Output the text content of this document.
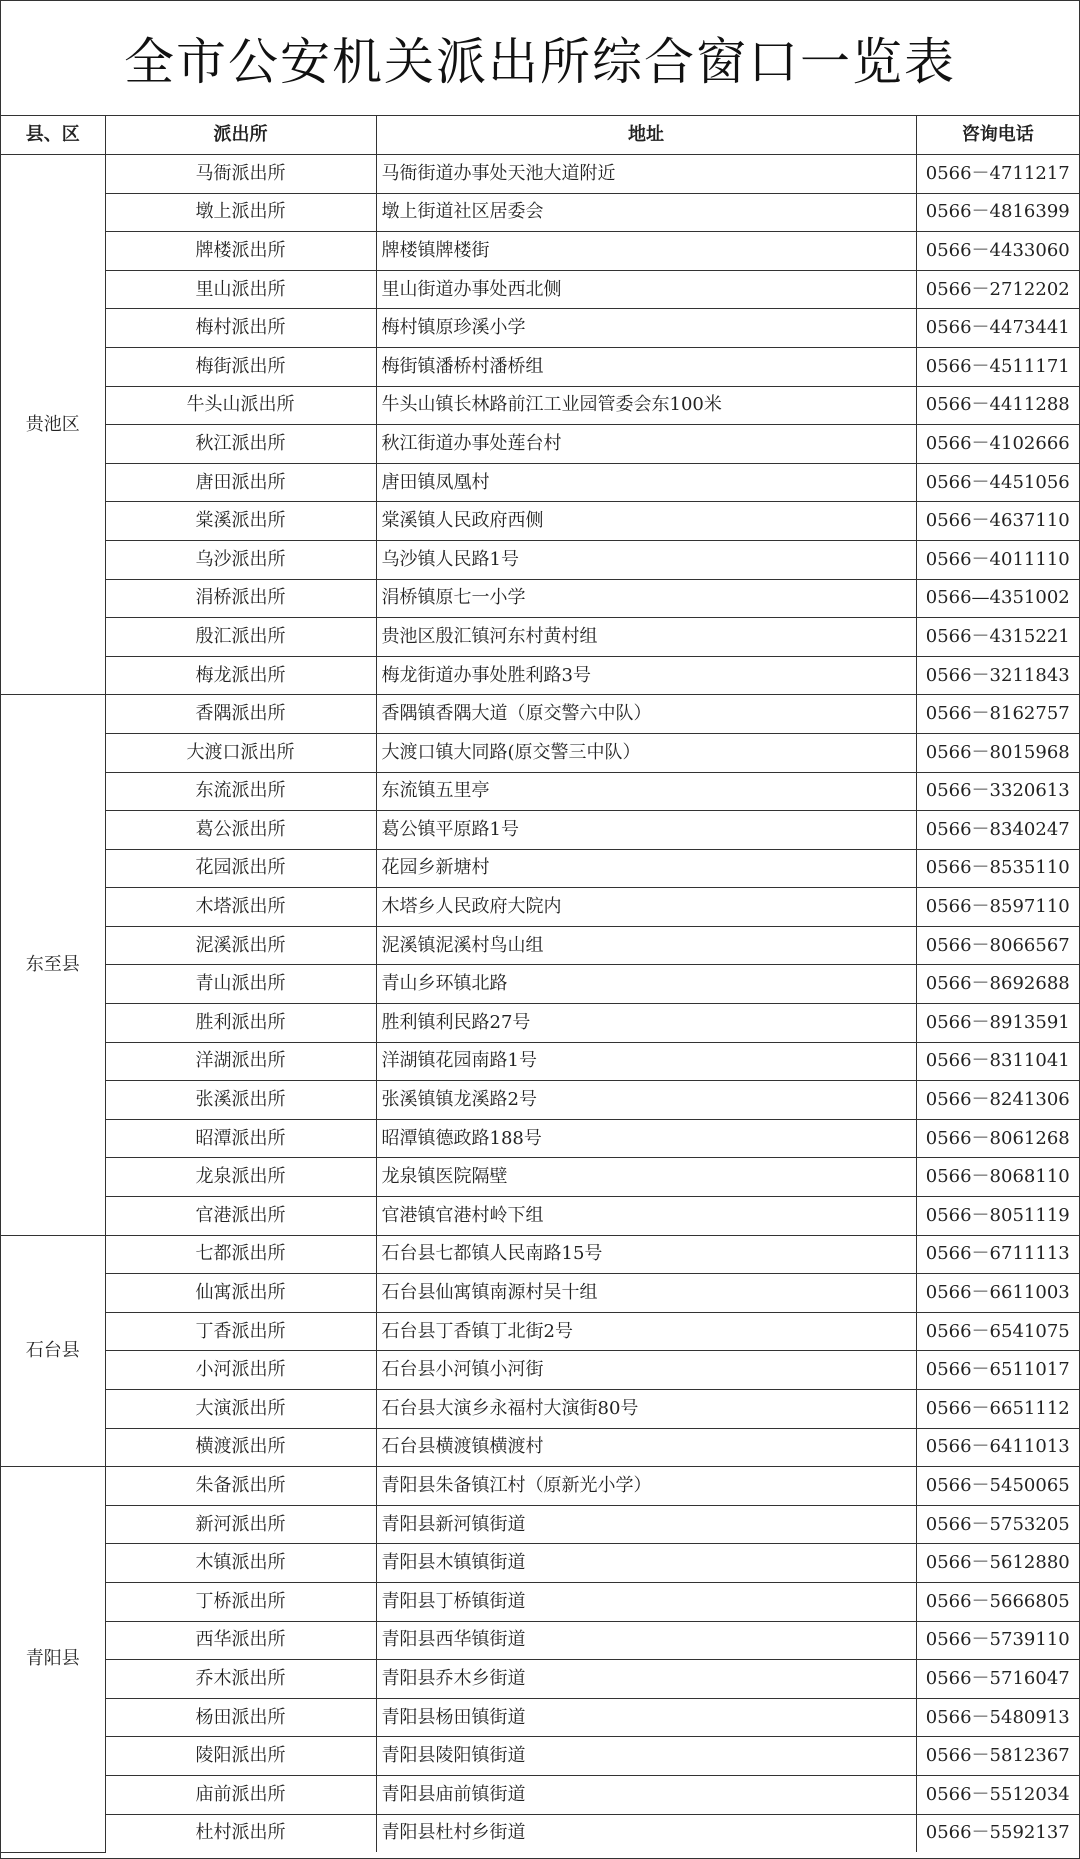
全市公安机关派出所综合窗口一览表
县、区	派出所	地址	咨询电话
贵池区	马衙派出所	马衙街道办事处天池大道附近	0566－4711217
	墩上派出所	墩上街道社区居委会	0566－4816399
	牌楼派出所	牌楼镇牌楼街	0566－4433060
	里山派出所	里山街道办事处西北侧	0566－2712202
	梅村派出所	梅村镇原珍溪小学	0566－4473441
	梅街派出所	梅街镇潘桥村潘桥组	0566－4511171
	牛头山派出所	牛头山镇长林路前江工业园管委会东100米	0566－4411288
	秋江派出所	秋江街道办事处莲台村	0566－4102666
	唐田派出所	唐田镇凤凰村	0566－4451056
	棠溪派出所	棠溪镇人民政府西侧	0566－4637110
	乌沙派出所	乌沙镇人民路1号	0566－4011110
	涓桥派出所	涓桥镇原七一小学	0566—4351002
	殷汇派出所	贵池区殷汇镇河东村黄村组	0566－4315221
	梅龙派出所	梅龙街道办事处胜利路3号	0566－3211843
东至县	香隅派出所	香隅镇香隅大道（原交警六中队）	0566－8162757
	大渡口派出所	大渡口镇大同路(原交警三中队）	0566－8015968
	东流派出所	东流镇五里亭	0566－3320613
	葛公派出所	葛公镇平原路1号	0566－8340247
	花园派出所	花园乡新塘村	0566－8535110
	木塔派出所	木塔乡人民政府大院内	0566－8597110
	泥溪派出所	泥溪镇泥溪村鸟山组	0566－8066567
	青山派出所	青山乡环镇北路	0566－8692688
	胜利派出所	胜利镇利民路27号	0566－8913591
	洋湖派出所	洋湖镇花园南路1号	0566－8311041
	张溪派出所	张溪镇镇龙溪路2号	0566－8241306
	昭潭派出所	昭潭镇德政路188号	0566－8061268
	龙泉派出所	龙泉镇医院隔壁	0566－8068110
	官港派出所	官港镇官港村岭下组	0566－8051119
石台县	七都派出所	石台县七都镇人民南路15号	0566－6711113
	仙寓派出所	石台县仙寓镇南源村吴十组	0566－6611003
	丁香派出所	石台县丁香镇丁北街2号	0566－6541075
	小河派出所	石台县小河镇小河街	0566－6511017
	大演派出所	石台县大演乡永福村大演街80号	0566－6651112
	横渡派出所	石台县横渡镇横渡村	0566－6411013
青阳县	朱备派出所	青阳县朱备镇江村（原新光小学）	0566－5450065
	新河派出所	青阳县新河镇街道	0566－5753205
	木镇派出所	青阳县木镇镇街道	0566－5612880
	丁桥派出所	青阳县丁桥镇街道	0566－5666805
	西华派出所	青阳县西华镇街道	0566－5739110
	乔木派出所	青阳县乔木乡街道	0566－5716047
	杨田派出所	青阳县杨田镇街道	0566－5480913
	陵阳派出所	青阳县陵阳镇街道	0566－5812367
	庙前派出所	青阳县庙前镇街道	0566－5512034
	杜村派出所	青阳县杜村乡街道	0566－5592137
